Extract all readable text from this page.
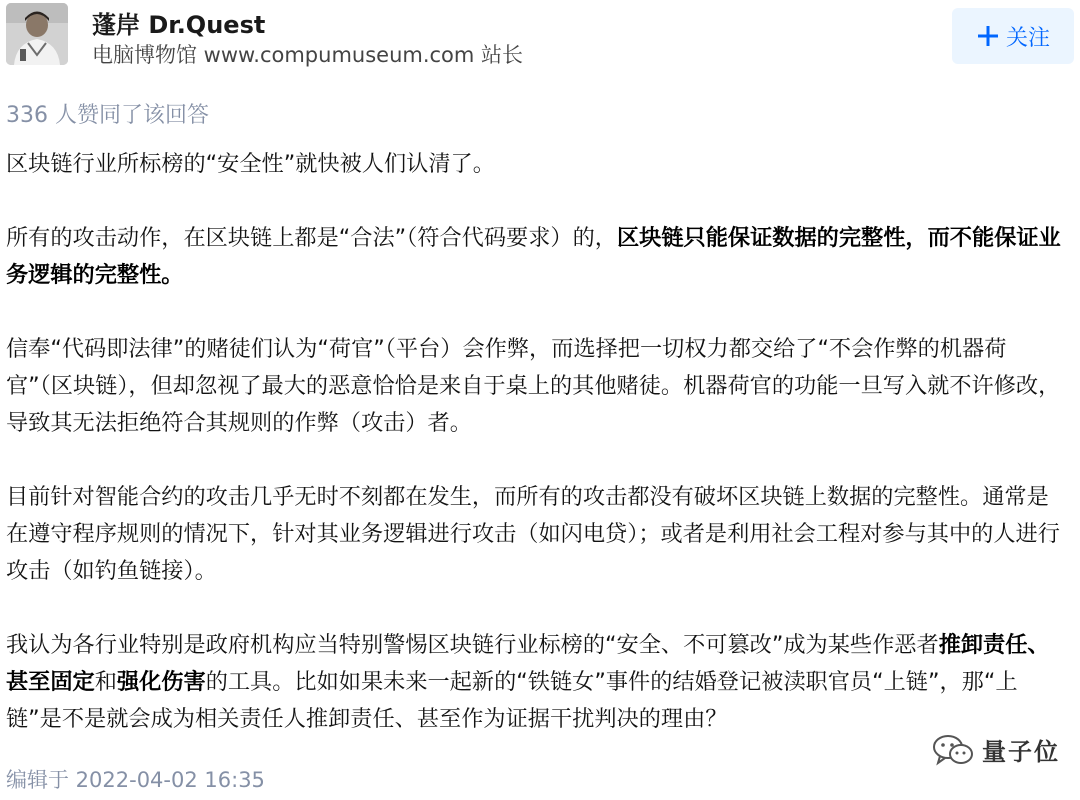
蓬岸 Dr.Quest
电脑博物馆 www.compumuseum.com 站长
关注
336 人赞同了该回答

区块链行业所标榜的“安全性”就快被人们认清了。

所有的攻击动作，在区块链上都是“合法”（符合代码要求）的，区块链只能保证数据的完整性，而不能保证业务逻辑的完整性。

信奉“代码即法律”的赌徒们认为“荷官”（平台）会作弊，而选择把一切权力都交给了“不会作弊的机器荷官”（区块链），但却忽视了最大的恶意恰恰是来自于桌上的其他赌徒。机器荷官的功能一旦写入就不许修改，导致其无法拒绝符合其规则的作弊（攻击）者。

目前针对智能合约的攻击几乎无时不刻都在发生，而所有的攻击都没有破坏区块链上数据的完整性。通常是在遵守程序规则的情况下，针对其业务逻辑进行攻击（如闪电贷）；或者是利用社会工程对参与其中的人进行攻击（如钓鱼链接）。

我认为各行业特别是政府机构应当特别警惕区块链行业标榜的“安全、不可篡改”成为某些作恶者推卸责任、甚至固定和强化伤害的工具。比如如果未来一起新的“铁链女”事件的结婚登记被渎职官员“上链”，那“上链”是不是就会成为相关责任人推卸责任、甚至作为证据干扰判决的理由？

编辑于 2022-04-02 16:35
量子位
